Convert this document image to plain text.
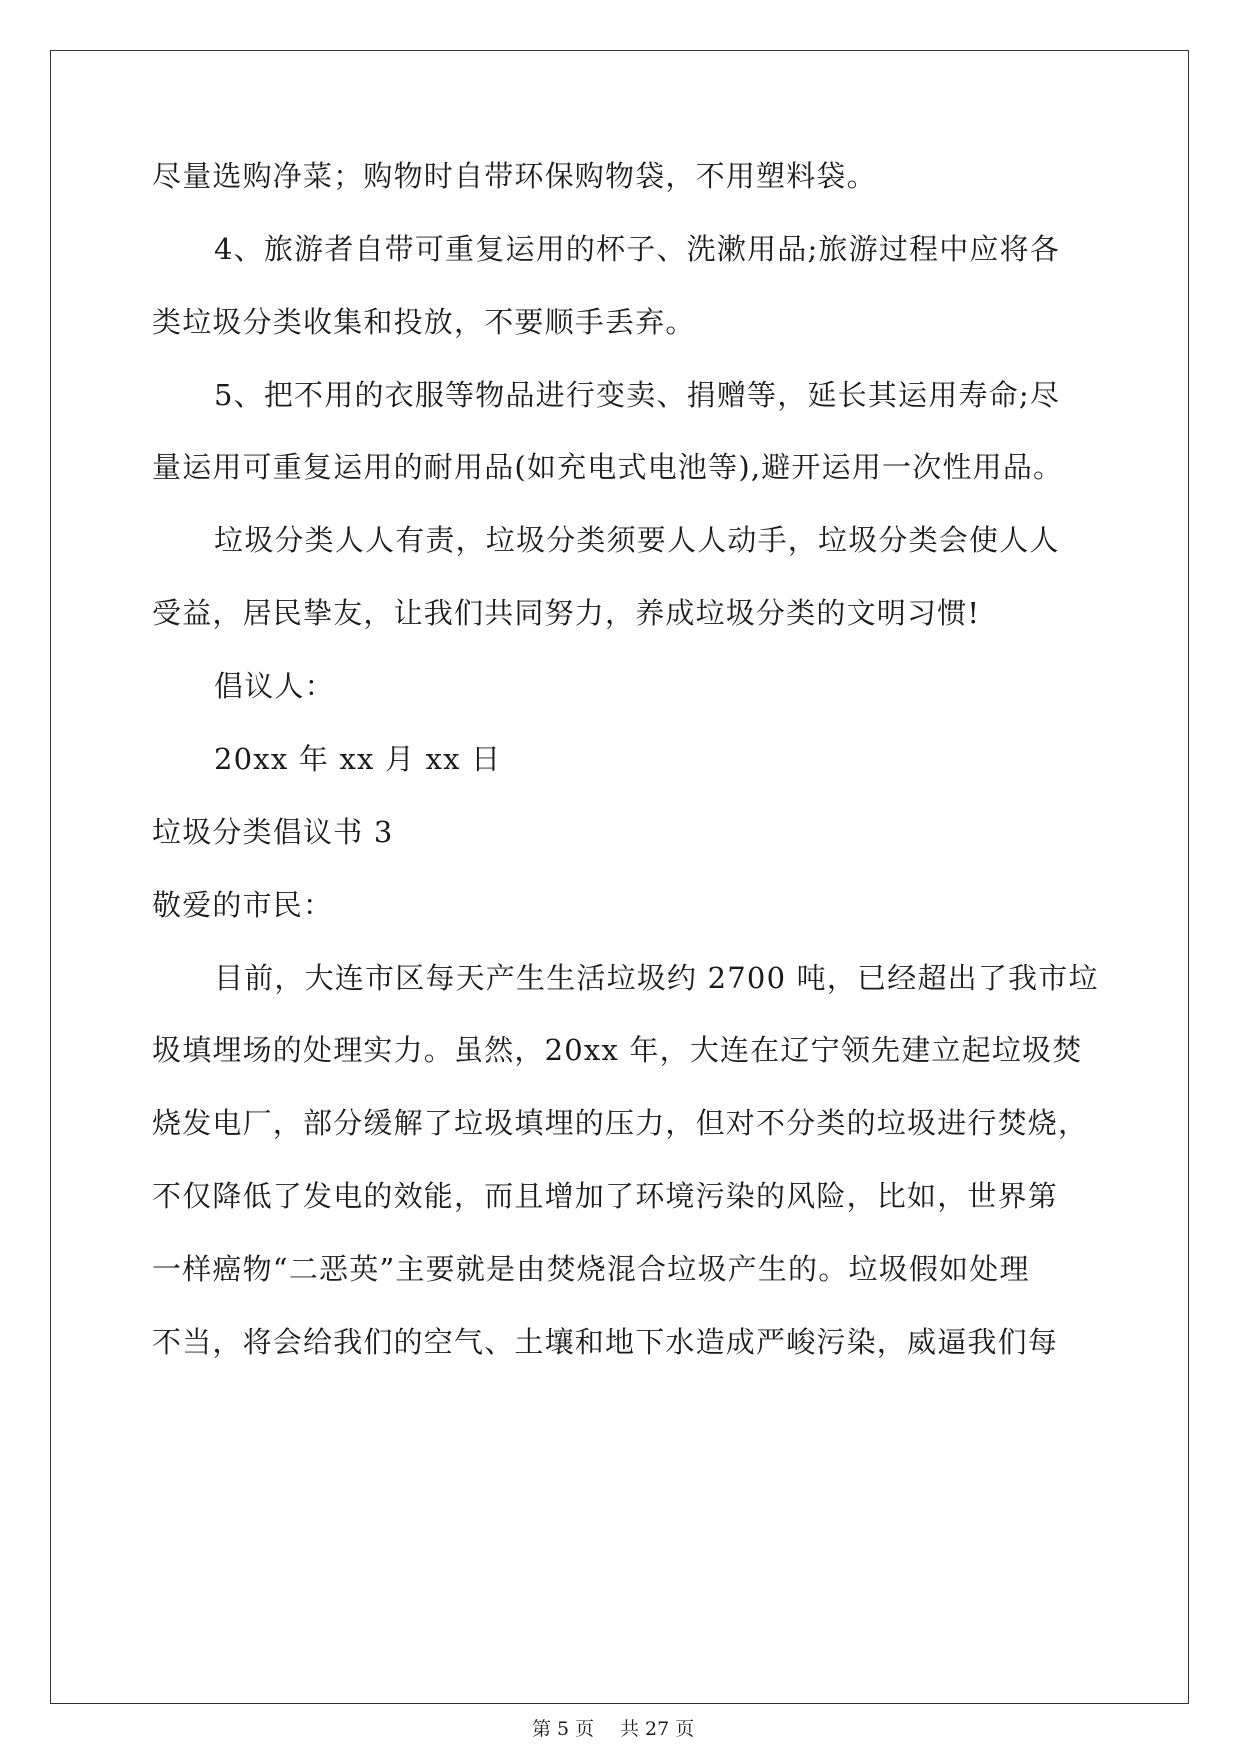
尽量选购净菜；购物时自带环保购物袋，不用塑料袋。
4、旅游者自带可重复运用的杯子、洗漱用品;旅游过程中应将各
类垃圾分类收集和投放，不要顺手丢弃。
5、把不用的衣服等物品进行变卖、捐赠等，延长其运用寿命;尽
量运用可重复运用的耐用品(如充电式电池等),避开运用一次性用品。
垃圾分类人人有责，垃圾分类须要人人动手，垃圾分类会使人人
受益，居民挚友，让我们共同努力，养成垃圾分类的文明习惯!
倡议人：
20xx 年 xx 月 xx 日
垃圾分类倡议书 3
敬爱的市民：
目前，大连市区每天产生生活垃圾约 2700 吨，已经超出了我市垃
圾填埋场的处理实力。虽然，20xx 年，大连在辽宁领先建立起垃圾焚
烧发电厂，部分缓解了垃圾填埋的压力，但对不分类的垃圾进行焚烧，
不仅降低了发电的效能，而且增加了环境污染的风险，比如，世界第
一样癌物“二恶英”主要就是由焚烧混合垃圾产生的。垃圾假如处理
不当，将会给我们的空气、土壤和地下水造成严峻污染，威逼我们每
第 5 页 共 27 页
